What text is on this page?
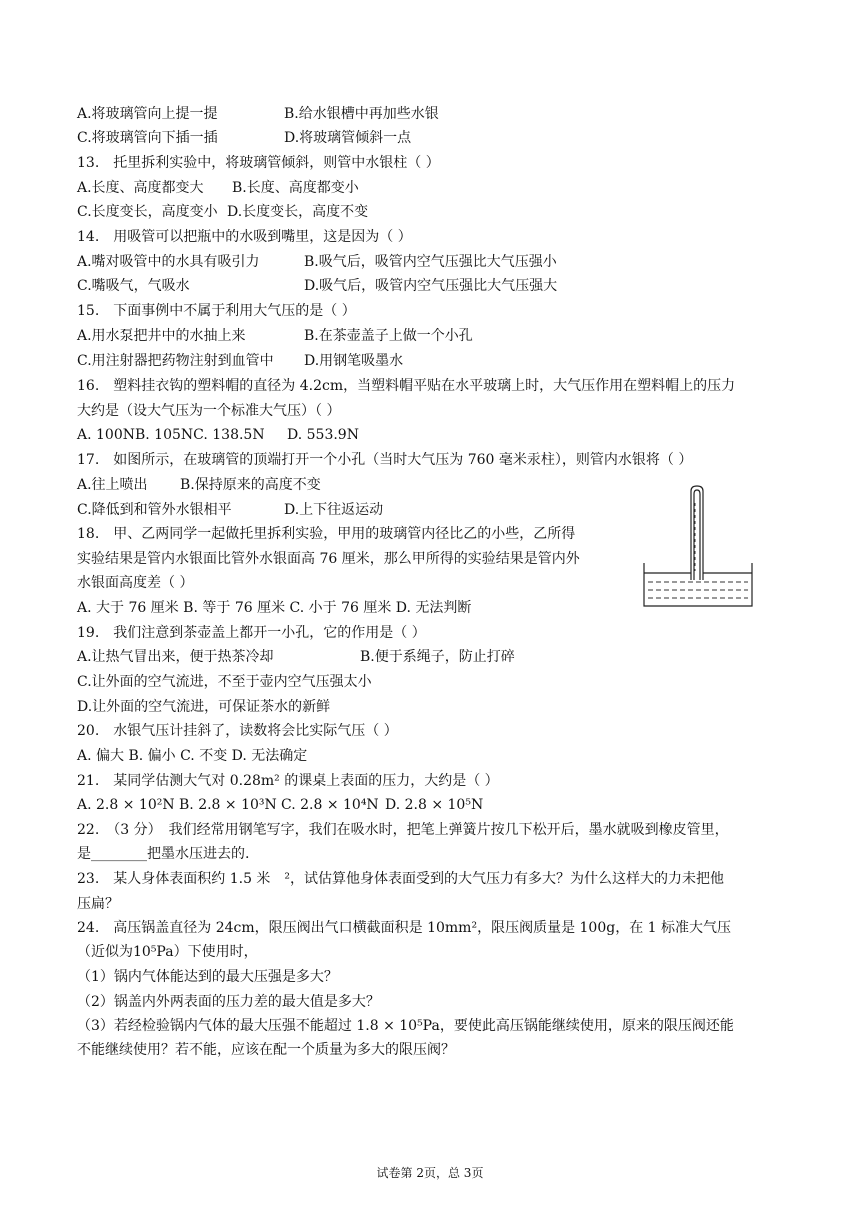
A.将玻璃管向上提一提	B.给水银槽中再加些水银
C.将玻璃管向下插一插	D.将玻璃管倾斜一点
13.　托里拆利实验中，将玻璃管倾斜，则管中水银柱（ ）
A.长度、高度都变大 B.长度、高度都变小
C.长度变长，高度变小 D.长度变长，高度不变
14.　用吸管可以把瓶中的水吸到嘴里，这是因为（ ）
A.嘴对吸管中的水具有吸引力	B.吸气后，吸管内空气压强比大气压强小
C.嘴吸气，气吸水	D.吸气后，吸管内空气压强比大气压强大
15.　下面事例中不属于利用大气压的是（ ）
A.用水泵把井中的水抽上来	B.在茶壶盖子上做一个小孔
C.用注射器把药物注射到血管中 D.用钢笔吸墨水
16.　塑料挂衣钩的塑料帽的直径为 4.2cm，当塑料帽平贴在水平玻璃上时，大气压作用在塑料帽上的压力
大约是（设大气压为一个标准大气压）（ ）
A. 100NB. 105NC. 138.5N D. 553.9N
17.　如图所示，在玻璃管的顶端打开一个小孔（当时大气压为 760 毫米汞柱），则管内水银将（ ）
A.往上喷出 B.保持原来的高度不变
C.降低到和管外水银相平	D.上下往返运动
18.　甲、乙两同学一起做托里拆利实验，甲用的玻璃管内径比乙的小些，乙所得
实验结果是管内水银面比管外水银面高 76 厘米，那么甲所得的实验结果是管内外
水银面高度差（ ）
A. 大于 76 厘米 B. 等于 76 厘米 C. 小于 76 厘米 D. 无法判断
19.　我们注意到茶壶盖上都开一小孔，它的作用是（ ）
A.让热气冒出来，便于热茶冷却	B.便于系绳子，防止打碎
C.让外面的空气流进，不至于壶内空气压强太小
D.让外面的空气流进，可保证茶水的新鲜
20.　水银气压计挂斜了，读数将会比实际气压（ ）
A. 偏大 B. 偏小 C. 不变 D. 无法确定
21.　某同学估测大气对 0.28m² 的课桌上表面的压力，大约是（ ）
A. 2.8 × 10²N B. 2.8 × 10³N C. 2.8 × 10⁴N D. 2.8 × 10⁵N
22.　（3 分）　我们经常用钢笔写字，我们在吸水时，把笔上弹簧片按几下松开后，墨水就吸到橡皮管里，
是________把墨水压进去的.
23.　某人身体表面积约 1.5 米　²，试估算他身体表面受到的大气压力有多大？为什么这样大的力未把他
压扁？
24.　高压锅盖直径为 24cm，限压阀出气口横截面积是 10mm²，限压阀质量是 100g，在 1 标准大气压
（近似为10⁵Pa）下使用时，
（1）锅内气体能达到的最大压强是多大？
（2）锅盖内外两表面的压力差的最大值是多大？
（3）若经检验锅内气体的最大压强不能超过 1.8 × 10⁵Pa，要使此高压锅能继续使用，原来的限压阀还能
不能继续使用？若不能，应该在配一个质量为多大的限压阀？
试卷第 2页，总 3页
